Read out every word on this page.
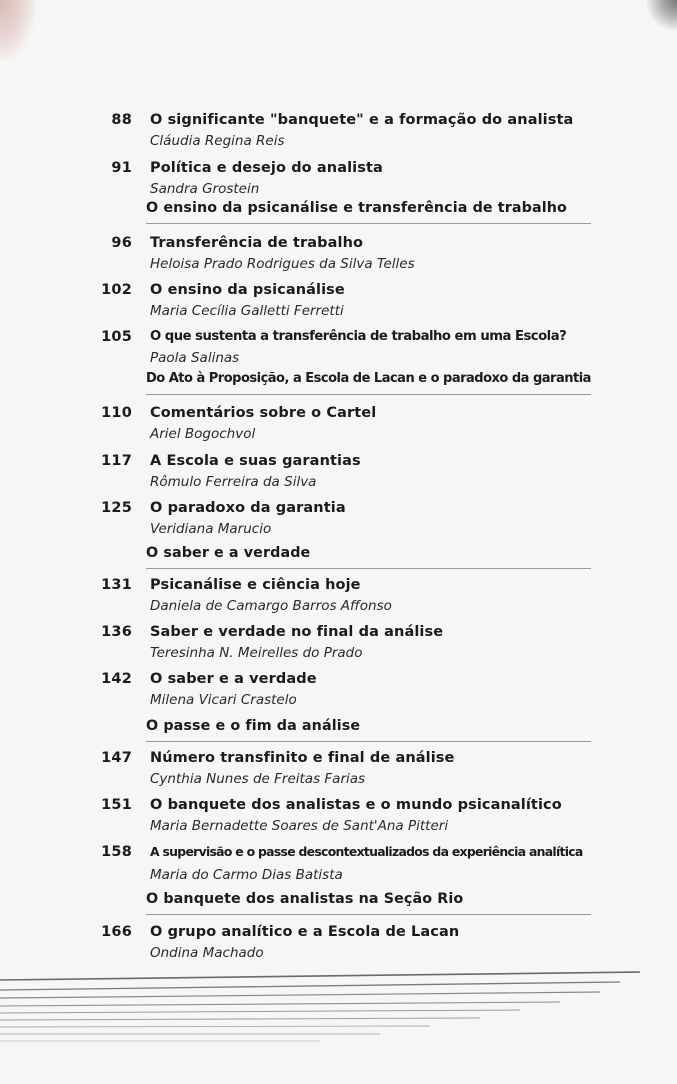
88 O significante "banquete" e a formação do analista
Cláudia Regina Reis
91 Política e desejo do analista
Sandra Grostein
O ensino da psicanálise e transferência de trabalho
96 Transferência de trabalho
Heloisa Prado Rodrigues da Silva Telles
102 O ensino da psicanálise
Maria Cecília Galletti Ferretti
105 O que sustenta a transferência de trabalho em uma Escola?
Paola Salinas
Do Ato à Proposição, a Escola de Lacan e o paradoxo da garantia
110 Comentários sobre o Cartel
Ariel Bogochvol
117 A Escola e suas garantias
Rômulo Ferreira da Silva
125 O paradoxo da garantia
Veridiana Marucio
O saber e a verdade
131 Psicanálise e ciência hoje
Daniela de Camargo Barros Affonso
136 Saber e verdade no final da análise
Teresinha N. Meirelles do Prado
142 O saber e a verdade
Milena Vicari Crastelo
O passe e o fim da análise
147 Número transfinito e final de análise
Cynthia Nunes de Freitas Farias
151 O banquete dos analistas e o mundo psicanalítico
Maria Bernadette Soares de Sant'Ana Pitteri
158 A supervisão e o passe descontextualizados da experiência analítica
Maria do Carmo Dias Batista
O banquete dos analistas na Seção Rio
166 O grupo analítico e a Escola de Lacan
Ondina Machado
